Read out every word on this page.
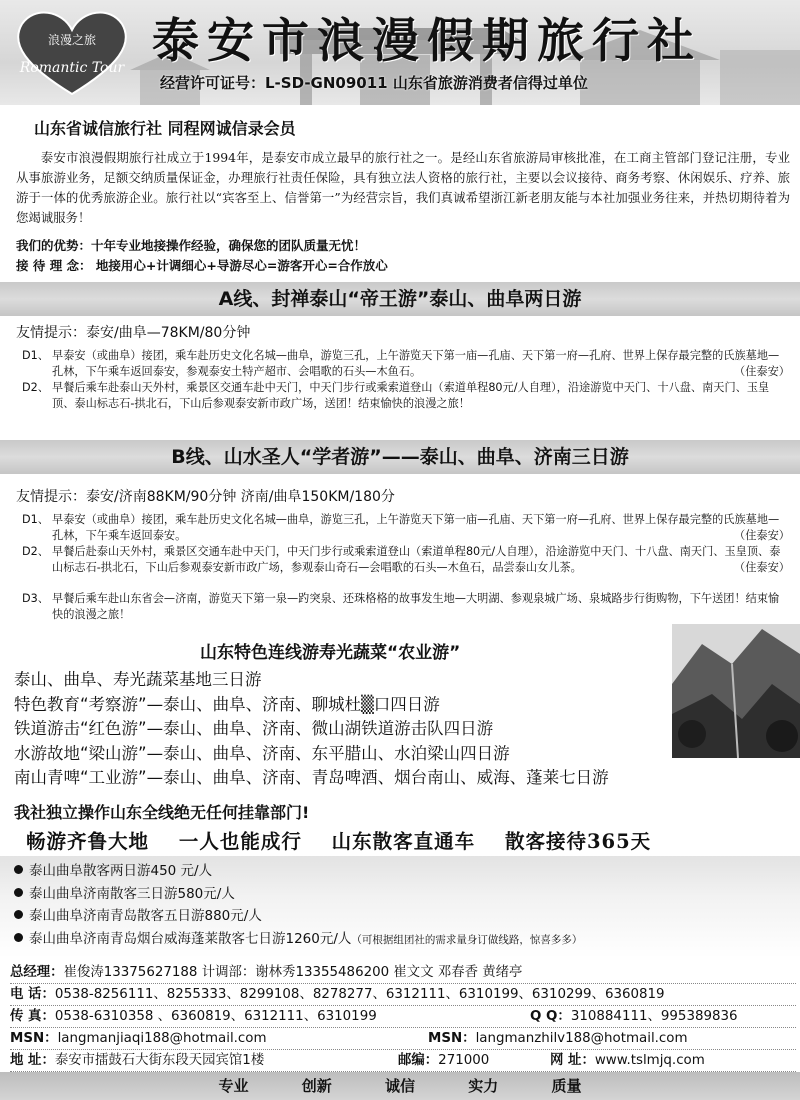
浪漫之旅
Romantic Tour 泰安市浪漫假期旅行社
经营许可证号：L-SD-GN09011 山东省旅游消费者信得过单位
山东省诚信旅行社 同程网诚信录会员
泰安市浪漫假期旅行社成立于1994年，是泰安市成立最早的旅行社之一。是经山东省旅游局审核批准，在工商主管部门登记注册，专业从事旅游业务，足额交纳质量保证金，办理旅行社责任保险，具有独立法人资格的旅行社，主要以会议接待、商务考察、休闲娱乐、疗养、旅游于一体的优秀旅游企业。旅行社以“宾客至上、信誉第一”为经营宗旨，我们真诚希望浙江新老朋友能与本社加强业务往来，并热切期待着为您竭诚服务！
我们的优势：十年专业地接操作经验，确保您的团队质量无忧！
接 待 理 念： 地接用心+计调细心+导游尽心=游客开心=合作放心
A线、封禅泰山“帝王游”泰山、曲阜两日游
友情提示：泰安/曲阜—78KM/80分钟
D1、 早泰安（或曲阜）接团，乘车赴历史文化名城—曲阜，游览三孔，上午游览天下第一庙—孔庙、天下第一府—孔府、世界上保存最完整的氏族墓地—孔林，下午乘车返回泰安，参观泰安土特产超市、会唱歌的石头—木鱼石。	（住泰安）
D2、 早餐后乘车赴泰山天外村，乘景区交通车赴中天门，中天门步行或乘索道登山（索道单程80元/人自理），沿途游览中天门、十八盘、南天门、玉皇顶、泰山标志石-拱北石，下山后参观泰安新市政广场，送团！结束愉快的浪漫之旅！
B线、山水圣人“学者游”——泰山、曲阜、济南三日游
友情提示：泰安/济南88KM/90分钟 济南/曲阜150KM/180分
D1、 早泰安（或曲阜）接团，乘车赴历史文化名城—曲阜，游览三孔，上午游览天下第一庙—孔庙、天下第一府—孔府、世界上保存最完整的氏族墓地—孔林，下午乘车返回泰安。	（住泰安）
D2、 早餐后赴泰山天外村，乘景区交通车赴中天门，中天门步行或乘索道登山（索道单程80元/人自理），沿途游览中天门、十八盘、南天门、玉皇顶、泰山标志石-拱北石，下山后参观泰安新市政广场，参观泰山奇石—会唱歌的石头—木鱼石，品尝泰山女儿茶。	（住泰安）
D3、 早餐后乘车赴山东省会—济南，游览天下第一泉—趵突泉、还珠格格的故事发生地—大明湖、参观泉城广场、泉城路步行街购物，下午送团！结束愉快的浪漫之旅！
山东特色连线游寿光蔬菜“农业游”
泰山、曲阜、寿光蔬菜基地三日游
特色教育“考察游”—泰山、曲阜、济南、聊城杜▒口四日游
铁道游击“红色游”—泰山、曲阜、济南、微山湖铁道游击队四日游
水游故地“梁山游”—泰山、曲阜、济南、东平腊山、水泊梁山四日游
南山青啤“工业游”—泰山、曲阜、济南、青岛啤酒、烟台南山、威海、蓬莱七日游
我社独立操作山东全线绝无任何挂靠部门!
畅游齐鲁大地 一人也能成行 山东散客直通车 散客接待365天
泰山曲阜散客两日游450 元/人
泰山曲阜济南散客三日游580元/人
泰山曲阜济南青岛散客五日游880元/人
泰山曲阜济南青岛烟台威海蓬莱散客七日游1260元/人（可根据组团社的需求量身订做线路，惊喜多多）
总经理：崔俊涛13375627188 计调部：谢林秀13355486200 崔文文 邓春香 黄绪亭
电 话：0538-8256111、8255333、8299108、8278277、6312111、6310199、6310299、6360819
传 真：0538-6310358 、6360819、6312111、6310199	Q Q：310884111、995389836
MSN：langmanjiaqi188@hotmail.com	MSN：langmanzhilv188@hotmail.com
地 址：泰安市擂鼓石大街东段天园宾馆1楼	邮编：271000	网 址：www.tslmjq.com
专业	创新	诚信	实力	质量
